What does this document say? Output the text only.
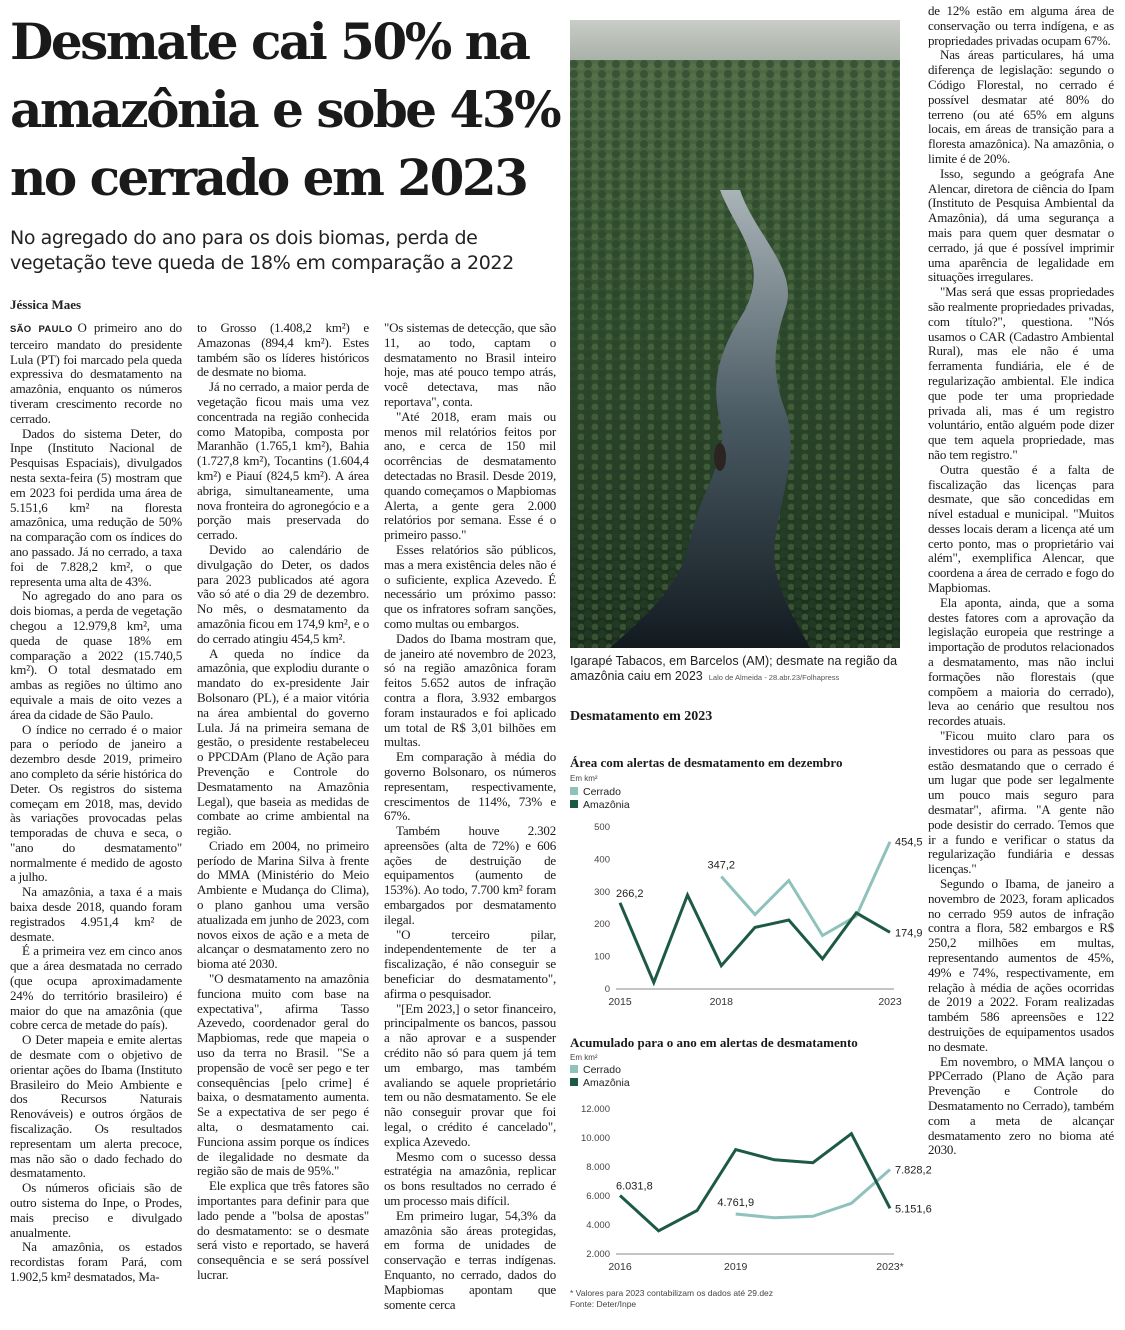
Desmate cai 50% na amazônia e sobe 43% no cerrado em 2023

No agregado do ano para os dois biomas, perda de vegetação teve queda de 18% em comparação a 2022

Jéssica Maes

SÃO PAULO O primeiro ano do terceiro mandato do presidente Lula (PT) foi marcado pela queda expressiva do desmatamento na amazônia, enquanto os números tiveram crescimento recorde no cerrado.

Dados do sistema Deter, do Inpe (Instituto Nacional de Pesquisas Espaciais), divulgados nesta sexta-feira (5) mostram que em 2023 foi perdida uma área de 5.151,6 km² na floresta amazônica, uma redução de 50% na comparação com os índices do ano passado. Já no cerrado, a taxa foi de 7.828,2 km², o que representa uma alta de 43%.

No agregado do ano para os dois biomas, a perda de vegetação chegou a 12.979,8 km², uma queda de quase 18% em comparação a 2022 (15.740,5 km²). O total desmatado em ambas as regiões no último ano equivale a mais de oito vezes a área da cidade de São Paulo.

O índice no cerrado é o maior para o período de janeiro a dezembro desde 2019, primeiro ano completo da série histórica do Deter. Os registros do sistema começam em 2018, mas, devido às variações provocadas pelas temporadas de chuva e seca, o "ano do desmatamento" normalmente é medido de agosto a julho.

Na amazônia, a taxa é a mais baixa desde 2018, quando foram registrados 4.951,4 km² de desmate.

É a primeira vez em cinco anos que a área desmatada no cerrado (que ocupa aproximadamente 24% do território brasileiro) é maior do que na amazônia (que cobre cerca de metade do país).

O Deter mapeia e emite alertas de desmate com o objetivo de orientar ações do Ibama (Instituto Brasileiro do Meio Ambiente e dos Recursos Naturais Renováveis) e outros órgãos de fiscalização. Os resultados representam um alerta precoce, mas não são o dado fechado do desmatamento.

Os números oficiais são de outro sistema do Inpe, o Prodes, mais preciso e divulgado anualmente.

Na amazônia, os estados recordistas foram Pará, com 1.902,5 km² desmatados, Ma-

to Grosso (1.408,2 km²) e Amazonas (894,4 km²). Estes também são os líderes históricos de desmate no bioma.

Já no cerrado, a maior perda de vegetação ficou mais uma vez concentrada na região conhecida como Matopiba, composta por Maranhão (1.765,1 km²), Bahia (1.727,8 km²), Tocantins (1.604,4 km²) e Piauí (824,5 km²). A área abriga, simultaneamente, uma nova fronteira do agronegócio e a porção mais preservada do cerrado.

Devido ao calendário de divulgação do Deter, os dados para 2023 publicados até agora vão só até o dia 29 de dezembro. No mês, o desmatamento da amazônia ficou em 174,9 km², e o do cerrado atingiu 454,5 km².

A queda no índice da amazônia, que explodiu durante o mandato do ex-presidente Jair Bolsonaro (PL), é a maior vitória na área ambiental do governo Lula. Já na primeira semana de gestão, o presidente restabeleceu o PPCDAm (Plano de Ação para Prevenção e Controle do Desmatamento na Amazônia Legal), que baseia as medidas de combate ao crime ambiental na região.

Criado em 2004, no primeiro período de Marina Silva à frente do MMA (Ministério do Meio Ambiente e Mudança do Clima), o plano ganhou uma versão atualizada em junho de 2023, com novos eixos de ação e a meta de alcançar o desmatamento zero no bioma até 2030.

"O desmatamento na amazônia funciona muito com base na expectativa", afirma Tasso Azevedo, coordenador geral do Mapbiomas, rede que mapeia o uso da terra no Brasil. "Se a propensão de você ser pego e ter consequências [pelo crime] é baixa, o desmatamento aumenta. Se a expectativa de ser pego é alta, o desmatamento cai. Funciona assim porque os índices de ilegalidade no desmate da região são de mais de 95%."

Ele explica que três fatores são importantes para definir para que lado pende a "bolsa de apostas" do desmatamento: se o desmate será visto e reportado, se haverá consequência e se será possível lucrar.

"Os sistemas de detecção, que são 11, ao todo, captam o desmatamento no Brasil inteiro hoje, mas até pouco tempo atrás, você detectava, mas não reportava", conta.

"Até 2018, eram mais ou menos mil relatórios feitos por ano, e cerca de 150 mil ocorrências de desmatamento detectadas no Brasil. Desde 2019, quando começamos o Mapbiomas Alerta, a gente gera 2.000 relatórios por semana. Esse é o primeiro passo."

Esses relatórios são públicos, mas a mera existência deles não é o suficiente, explica Azevedo. É necessário um próximo passo: que os infratores sofram sanções, como multas ou embargos.

Dados do Ibama mostram que, de janeiro até novembro de 2023, só na região amazônica foram feitos 5.652 autos de infração contra a flora, 3.932 embargos foram instaurados e foi aplicado um total de R$ 3,01 bilhões em multas.

Em comparação à média do governo Bolsonaro, os números representam, respectivamente, crescimentos de 114%, 73% e 67%.

Também houve 2.302 apreensões (alta de 72%) e 606 ações de destruição de equipamentos (aumento de 153%). Ao todo, 7.700 km² foram embargados por desmatamento ilegal.

"O terceiro pilar, independentemente de ter a fiscalização, é não conseguir se beneficiar do desmatamento", afirma o pesquisador.

"[Em 2023,] o setor financeiro, principalmente os bancos, passou a não aprovar e a suspender crédito não só para quem já tem um embargo, mas também avaliando se aquele proprietário tem ou não desmatamento. Se ele não conseguir provar que foi legal, o crédito é cancelado", explica Azevedo.

Mesmo com o sucesso dessa estratégia na amazônia, replicar os bons resultados no cerrado é um processo mais difícil.

Em primeiro lugar, 54,3% da amazônia são áreas protegidas, em forma de unidades de conservação e terras indígenas. Enquanto, no cerrado, dados do Mapbiomas apontam que somente cerca

de 12% estão em alguma área de conservação ou terra indígena, e as propriedades privadas ocupam 67%.

Nas áreas particulares, há uma diferença de legislação: segundo o Código Florestal, no cerrado é possível desmatar até 80% do terreno (ou até 65% em alguns locais, em áreas de transição para a floresta amazônica). Na amazônia, o limite é de 20%.

Isso, segundo a geógrafa Ane Alencar, diretora de ciência do Ipam (Instituto de Pesquisa Ambiental da Amazônia), dá uma segurança a mais para quem quer desmatar o cerrado, já que é possível imprimir uma aparência de legalidade em situações irregulares.

"Mas será que essas propriedades são realmente propriedades privadas, com título?", questiona. "Nós usamos o CAR (Cadastro Ambiental Rural), mas ele não é uma ferramenta fundiária, ele é de regularização ambiental. Ele indica que pode ter uma propriedade privada ali, mas é um registro voluntário, então alguém pode dizer que tem aquela propriedade, mas não tem registro."

Outra questão é a falta de fiscalização das licenças para desmate, que são concedidas em nível estadual e municipal. "Muitos desses locais deram a licença até um certo ponto, mas o proprietário vai além", exemplifica Alencar, que coordena a área de cerrado e fogo do Mapbiomas.

Ela aponta, ainda, que a soma destes fatores com a aprovação da legislação europeia que restringe a importação de produtos relacionados a desmatamento, mas não inclui formações não florestais (que compõem a maioria do cerrado), leva ao cenário que resultou nos recordes atuais.

"Ficou muito claro para os investidores ou para as pessoas que estão desmatando que o cerrado é um lugar que pode ser legalmente um pouco mais seguro para desmatar", afirma. "A gente não pode desistir do cerrado. Temos que ir a fundo e verificar o status da regularização fundiária e dessas licenças."

Segundo o Ibama, de janeiro a novembro de 2023, foram aplicados no cerrado 959 autos de infração contra a flora, 582 embargos e R$ 250,2 milhões em multas, representando aumentos de 45%, 49% e 74%, respectivamente, em relação à média de ações ocorridas de 2019 a 2022. Foram realizadas também 586 apreensões e 122 destruições de equipamentos usados no desmate.

Em novembro, o MMA lançou o PPCerrado (Plano de Ação para Prevenção e Controle do Desmatamento no Cerrado), também com a meta de alcançar desmatamento zero no bioma até 2030.

Igarapé Tabacos, em Barcelos (AM); desmate na região da amazônia caiu em 2023 Lalo de Almeida - 28.abr.23/Folhapress
Desmatamento em 2023
Área com alertas de desmatamento em dezembro
Em km²
Cerrado
Amazônia
0
100
200
300
400
500
2015	2018	2023
266,2
347,2
454,5
174,9
Acumulado para o ano em alertas de desmatamento
Em km²
Cerrado
Amazônia
2.000
4.000
6.000
8.000
10.000
12.000
2016	2019	2023*
6.031,8
4.761,9
7.828,2
5.151,6
* Valores para 2023 contabilizam os dados até 29.dez
Fonte: Deter/Inpe
